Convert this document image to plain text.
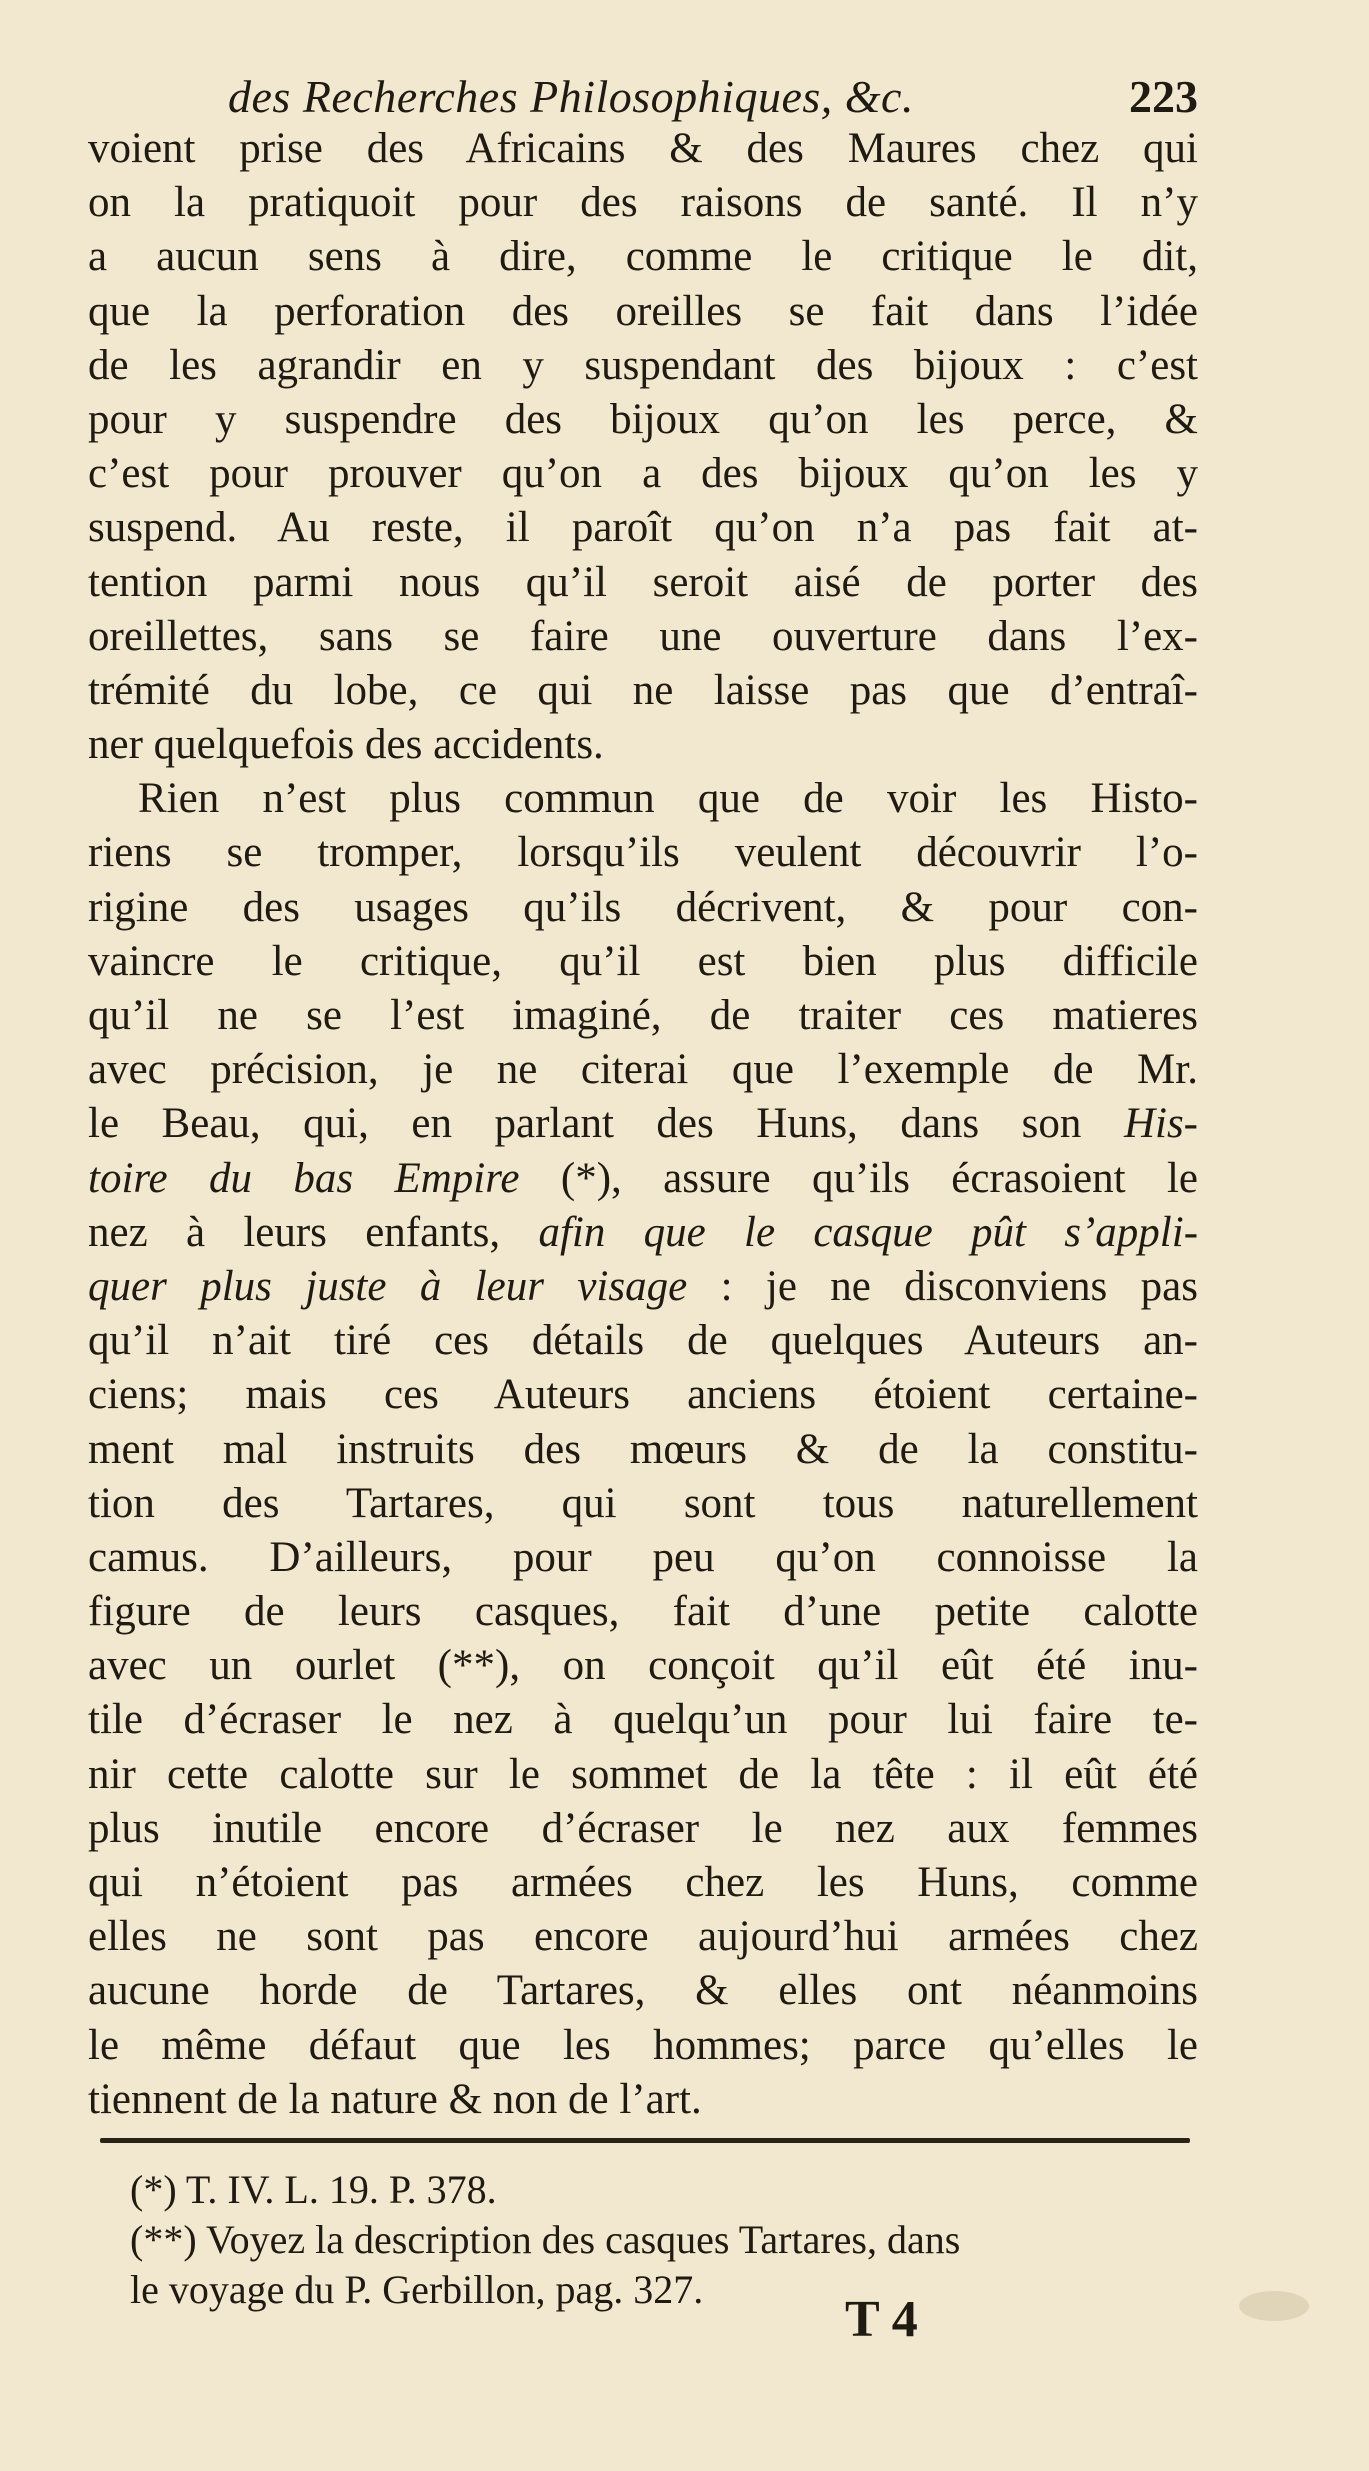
des Recherches Philosophiques, &c.	223
voient prise des Africains & des Maures chez qui
on la pratiquoit pour des raisons de santé. Il n’y
a aucun sens à dire, comme le critique le dit,
que la perforation des oreilles se fait dans l’idée
de les agrandir en y suspendant des bijoux : c’est
pour y suspendre des bijoux qu’on les perce, &
c’est pour prouver qu’on a des bijoux qu’on les y
suspend. Au reste, il paroît qu’on n’a pas fait at-
tention parmi nous qu’il seroit aisé de porter des
oreillettes, sans se faire une ouverture dans l’ex-
trémité du lobe, ce qui ne laisse pas que d’entraî-
ner quelquefois des accidents.
Rien n’est plus commun que de voir les Histo-
riens se tromper, lorsqu’ils veulent découvrir l’o-
rigine des usages qu’ils décrivent, & pour con-
vaincre le critique, qu’il est bien plus difficile
qu’il ne se l’est imaginé, de traiter ces matieres
avec précision, je ne citerai que l’exemple de Mr.
le Beau, qui, en parlant des Huns, dans son His-
toire du bas Empire (*), assure qu’ils écrasoient le
nez à leurs enfants, afin que le casque pût s’appli-
quer plus juste à leur visage : je ne disconviens pas
qu’il n’ait tiré ces détails de quelques Auteurs an-
ciens; mais ces Auteurs anciens étoient certaine-
ment mal instruits des mœurs & de la constitu-
tion des Tartares, qui sont tous naturellement
camus. D’ailleurs, pour peu qu’on connoisse la
figure de leurs casques, fait d’une petite calotte
avec un ourlet (**), on conçoit qu’il eût été inu-
tile d’écraser le nez à quelqu’un pour lui faire te-
nir cette calotte sur le sommet de la tête : il eût été
plus inutile encore d’écraser le nez aux femmes
qui n’étoient pas armées chez les Huns, comme
elles ne sont pas encore aujourd’hui armées chez
aucune horde de Tartares, & elles ont néanmoins
le même défaut que les hommes; parce qu’elles le
tiennent de la nature & non de l’art.
(*) T. IV. L. 19. P. 378.
(**) Voyez la description des casques Tartares, dans
le voyage du P. Gerbillon, pag. 327.
T 4
